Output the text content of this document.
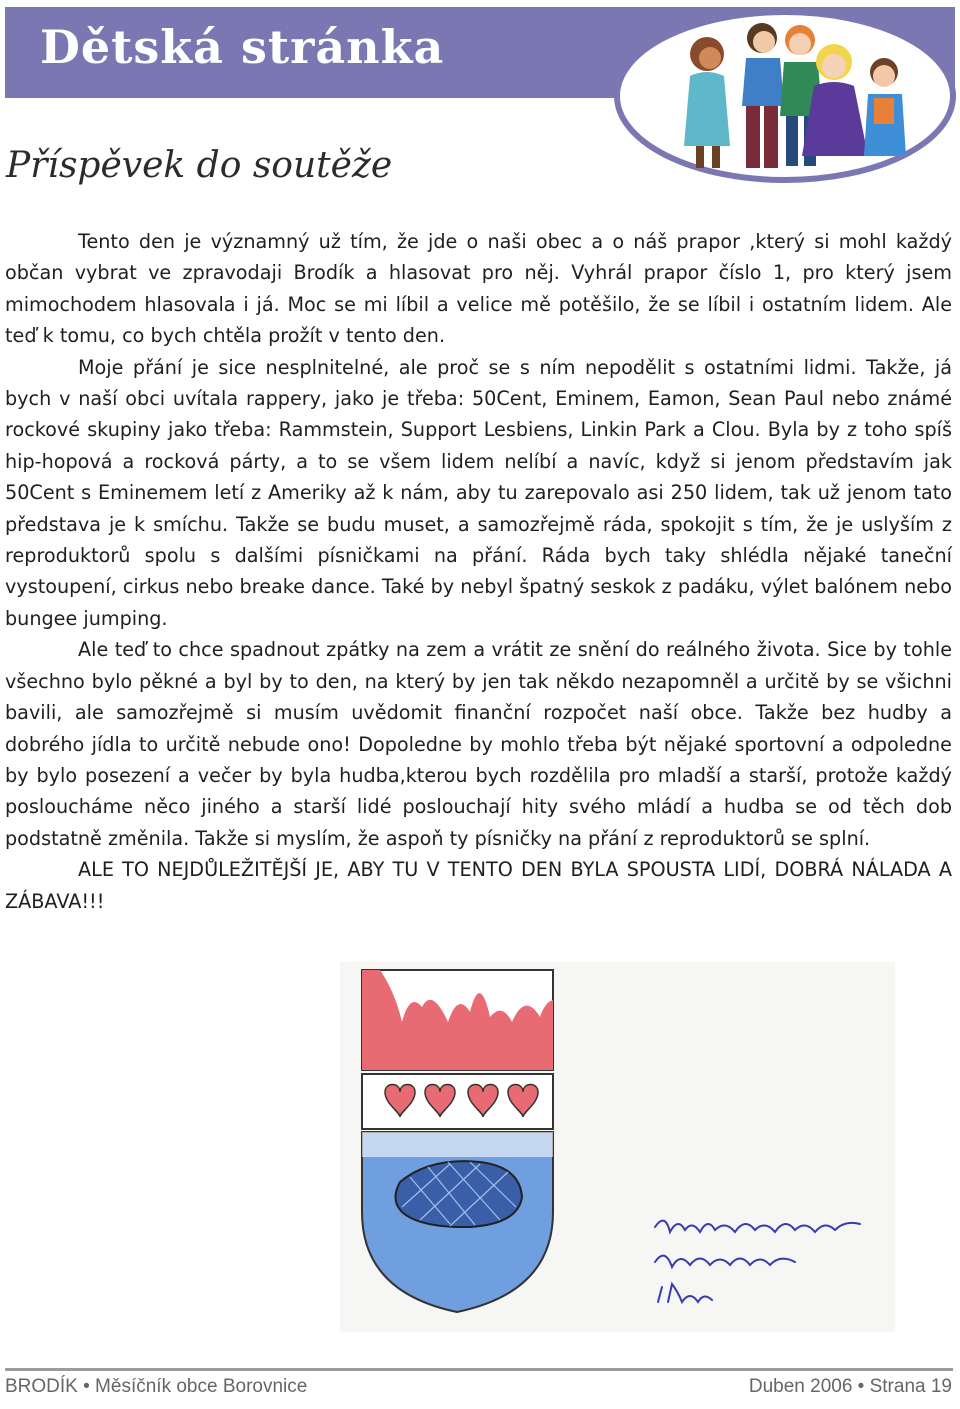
Dětská stránka
Příspěvek do soutěže

Tento den je významný už tím, že jde o naši obec a o náš prapor ,který si mohl každý občan vybrat ve zpravodaji Brodík a hlasovat pro něj. Vyhrál prapor číslo 1, pro který jsem mimochodem hlasovala i já. Moc se mi líbil a velice mě potěšilo, že se líbil i ostatním lidem. Ale teď k tomu, co bych chtěla prožít v tento den.

Moje přání je sice nesplnitelné, ale proč se s ním nepodělit s ostatními lidmi. Takže, já bych v naší obci uvítala rappery, jako je třeba: 50Cent, Eminem, Eamon, Sean Paul nebo známé rockové skupiny jako třeba: Rammstein, Support Lesbiens, Linkin Park a Clou. Byla by z toho spíš hip-hopová a rocková párty, a to se všem lidem nelíbí a navíc, když si jenom představím jak 50Cent s Eminemem letí z Ameriky až k nám, aby tu zarepovalo asi 250 lidem, tak už jenom tato představa je k smíchu. Takže se budu muset, a samozřejmě ráda, spokojit s tím, že je uslyším z reproduktorů spolu s dalšími písničkami na přání. Ráda bych taky shlédla nějaké taneční vystoupení, cirkus nebo breake dance. Také by nebyl špatný seskok z padáku, výlet balónem nebo bungee jumping.

Ale teď to chce spadnout zpátky na zem a vrátit ze snění do reálného života. Sice by tohle všechno bylo pěkné a byl by to den, na který by jen tak někdo nezapomněl a určitě by se všichni bavili, ale samozřejmě si musím uvědomit finanční rozpočet naší obce. Takže bez hudby a dobrého jídla to určitě nebude ono! Dopoledne by mohlo třeba být nějaké sportovní a odpoledne by bylo posezení a večer by byla hudba,kterou bych rozdělila pro mladší a starší, protože každý posloucháme něco jiného a starší lidé poslouchají hity svého mládí a hudba se od těch dob podstatně změnila. Takže si myslím, že aspoň ty písničky na přání z reproduktorů se splní.

ALE TO NEJDŮLEŽITĚJŠÍ JE, ABY TU V TENTO DEN BYLA SPOUSTA LIDÍ, DOBRÁ NÁLADA A ZÁBAVA!!!

BRODÍK • Měsíčník obce Borovnice	Duben 2006 • Strana 19
